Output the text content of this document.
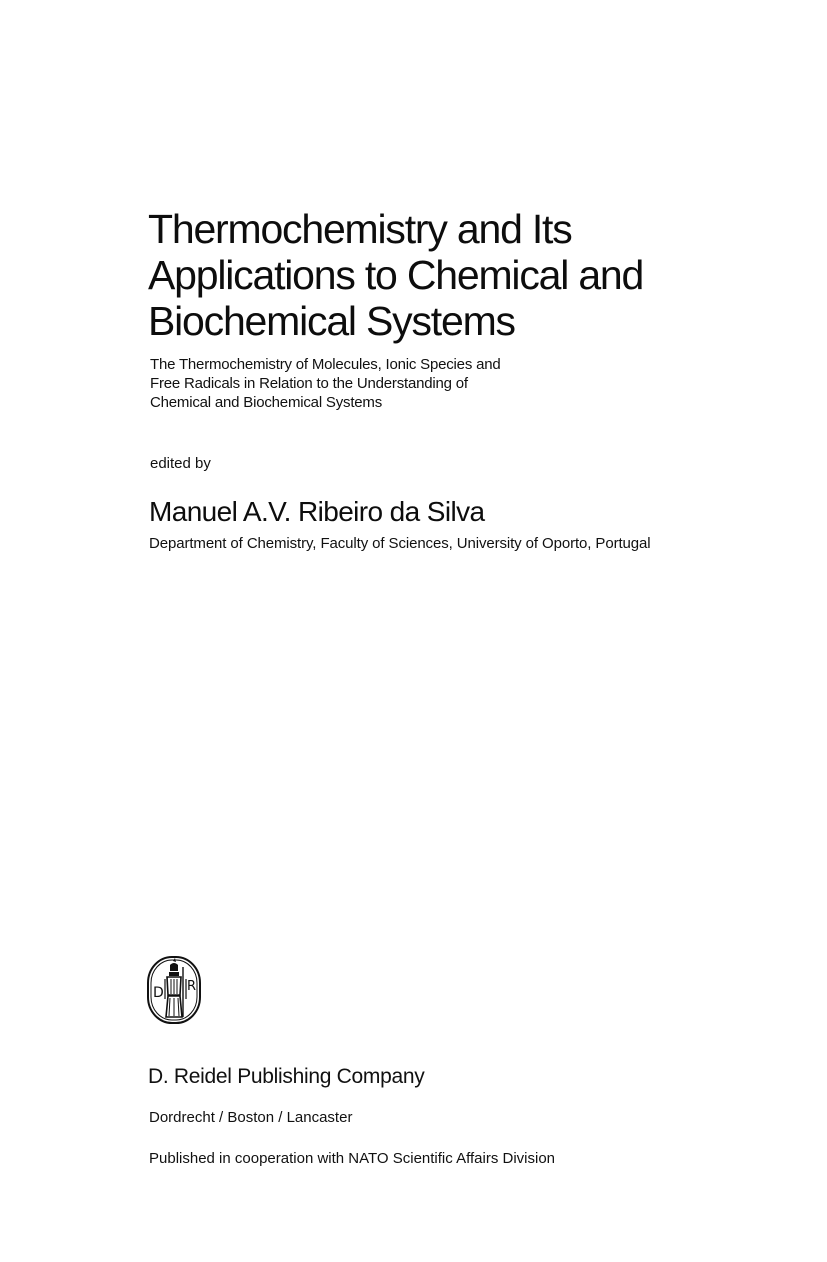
Thermochemistry and Its
Applications to Chemical and
Biochemical Systems

The Thermochemistry of Molecules, Ionic Species and
Free Radicals in Relation to the Understanding of
Chemical and Biochemical Systems

edited by
Manuel A.V. Ribeiro da Silva
Department of Chemistry, Faculty of Sciences, University of Oporto, Portugal
D R
D. Reidel Publishing Company
Dordrecht / Boston / Lancaster
Published in cooperation with NATO Scientific Affairs Division
